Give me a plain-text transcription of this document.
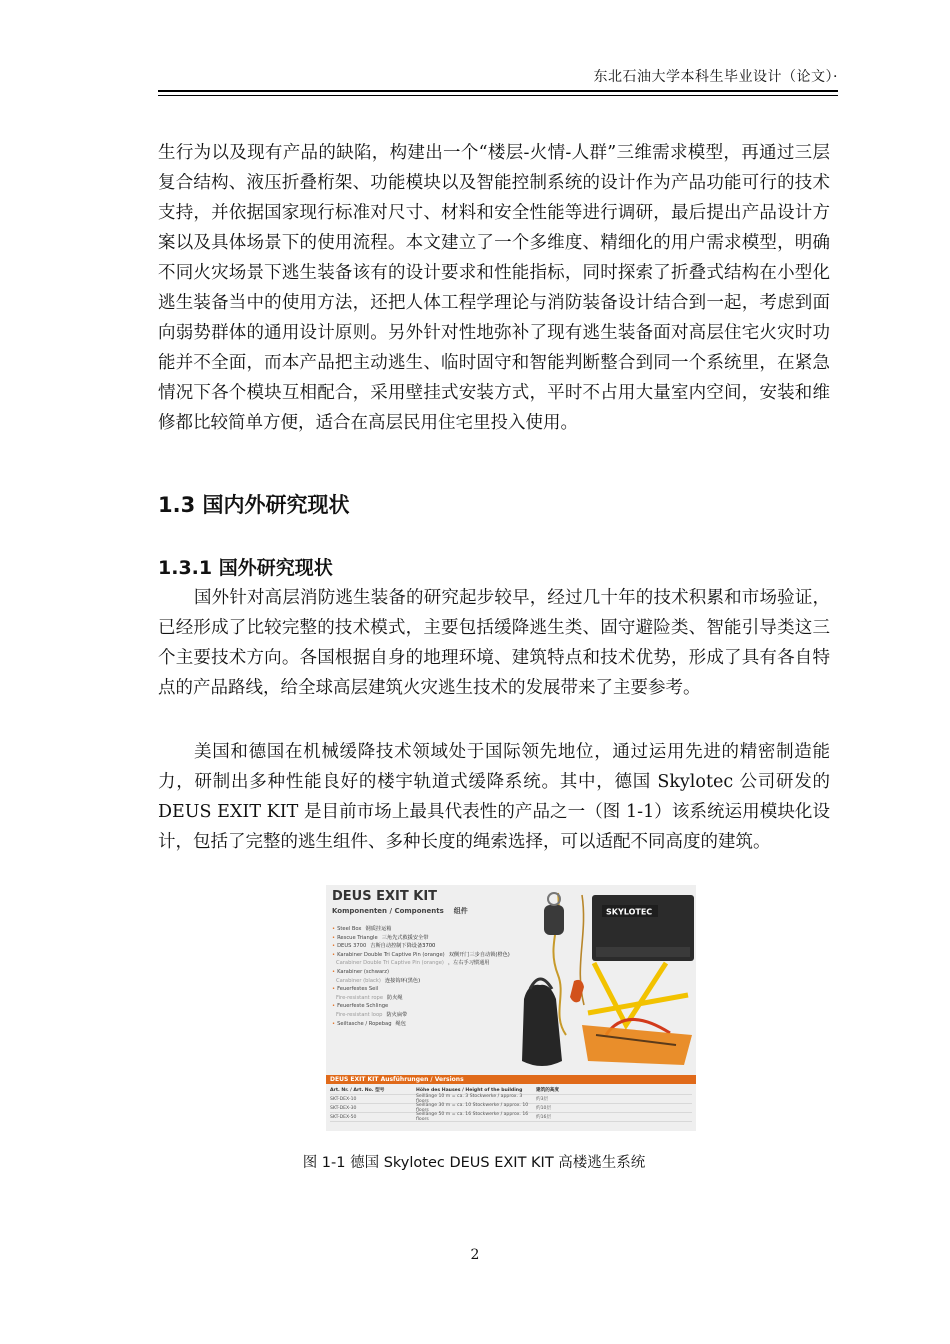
东北石油大学本科生毕业设计（论文）·

生行为以及现有产品的缺陷，构建出一个“楼层-火情-人群”三维需求模型，再通过三层复合结构、液压折叠桁架、功能模块以及智能控制系统的设计作为产品功能可行的技术支持，并依据国家现行标准对尺寸、材料和安全性能等进行调研，最后提出产品设计方案以及具体场景下的使用流程。本文建立了一个多维度、精细化的用户需求模型，明确不同火灾场景下逃生装备该有的设计要求和性能指标，同时探索了折叠式结构在小型化逃生装备当中的使用方法，还把人体工程学理论与消防装备设计结合到一起，考虑到面向弱势群体的通用设计原则。另外针对性地弥补了现有逃生装备面对高层住宅火灾时功能并不全面，而本产品把主动逃生、临时固守和智能判断整合到同一个系统里，在紧急情况下各个模块互相配合，采用壁挂式安装方式，平时不占用大量室内空间，安装和维修都比较简单方便，适合在高层民用住宅里投入使用。

1.3 国内外研究现状
1.3.1 国外研究现状

国外针对高层消防逃生装备的研究起步较早，经过几十年的技术积累和市场验证，已经形成了比较完整的技术模式，主要包括缓降逃生类、固守避险类、智能引导类这三个主要技术方向。各国根据自身的地理环境、建筑特点和技术优势，形成了具有各自特点的产品路线，给全球高层建筑火灾逃生技术的发展带来了主要参考。

美国和德国在机械缓降技术领域处于国际领先地位，通过运用先进的精密制造能力，研制出多种性能良好的楼宇轨道式缓降系统。其中，德国 Skylotec 公司研发的 DEUS EXIT KIT 是目前市场上最具代表性的产品之一（图 1-1）该系统运用模块化设计，包括了完整的逃生组件、多种长度的绳索选择，可以适配不同高度的建筑。

DEUS EXIT KIT
Komponenten / Components 组件
• Steel Box 钢质挂运箱
• Rescue Triangle 三角先式救援安全带
• DEUS 3700 吉斯自动控制下降设备3700
• Karabiner Double Tri Captive Pin (orange) 双侧开门三步自动锁(橙色)
Carabiner Double Tri Captive Pin (orange) ，左右手习惯通用
• Karabiner (schwarz)
Carabiner (black) 连接钩环(黑色)
• Feuerfestes Seil
Fire-resistant rope 防火绳
• Feuerfeste Schlinge
Fire-resistant loop 防火扁带
• Seiltasche / Ropebag 绳包
SKYLOTEC
DEUS EXIT KIT Ausführungen / Versions
Art. Nr. / Art. No. 型号	Höhe des Hauses / Height of the building	建筑的高度
SKT-DEX-10	Seillänge 10 m = ca. 3 Stockwerke / approx. 3 floors	约3层
SKT-DEX-30	Seillänge 30 m = ca. 10 Stockwerke / approx. 10 floors	约10层
SKT-DEX-50	Seillänge 50 m = ca. 16 Stockwerke / approx. 16 floors	约16层
图 1-1 德国 Skylotec DEUS EXIT KIT 高楼逃生系统
2
